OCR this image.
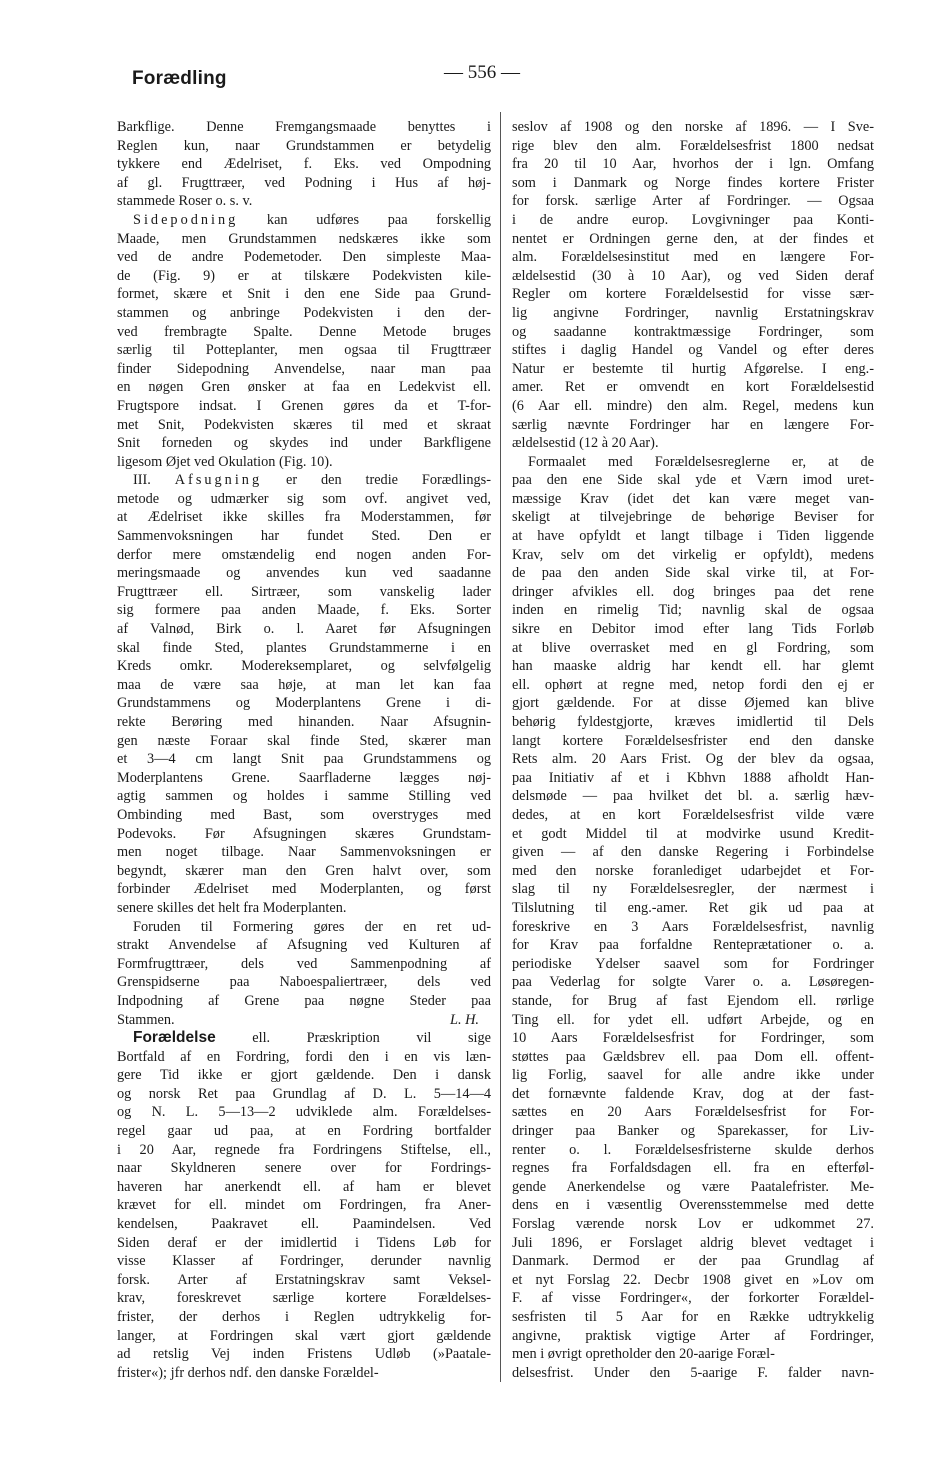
Forædling	— 556 —
Barkflige. Denne Fremgangsmaade benyttes i
Reglen kun, naar Grundstammen er betydelig
tykkere end Ædelriset, f. Eks. ved Ompodning
af gl. Frugttræer, ved Podning i Hus af høj-
stammede Roser o. s. v.
Sidepodning kan udføres paa forskellig
Maade, men Grundstammen nedskæres ikke som
ved de andre Podemetoder. Den simpleste Maa-
de (Fig. 9) er at tilskære Podekvisten kile-
formet, skære et Snit i den ene Side paa Grund-
stammen og anbringe Podekvisten i den der-
ved frembragte Spalte. Denne Metode bruges
særlig til Potteplanter, men ogsaa til Frugttræer
finder Sidepodning Anvendelse, naar man paa
en nøgen Gren ønsker at faa en Ledekvist ell.
Frugtspore indsat. I Grenen gøres da et T-for-
met Snit, Podekvisten skæres til med et skraat
Snit forneden og skydes ind under Barkfligene
ligesom Øjet ved Okulation (Fig. 10).
III. Afsugning er den tredie Forædlings-
metode og udmærker sig som ovf. angivet ved,
at Ædelriset ikke skilles fra Moderstammen, før
Sammenvoksningen har fundet Sted. Den er
derfor mere omstændelig end nogen anden For-
meringsmaade og anvendes kun ved saadanne
Frugttræer ell. Sirtræer, som vanskelig lader
sig formere paa anden Maade, f. Eks. Sorter
af Valnød, Birk o. l. Aaret før Afsugningen
skal finde Sted, plantes Grundstammerne i en
Kreds omkr. Modereksemplaret, og selvfølgelig
maa de være saa høje, at man let kan faa
Grundstammens og Moderplantens Grene i di-
rekte Berøring med hinanden. Naar Afsugnin-
gen næste Foraar skal finde Sted, skærer man
et 3—4 cm langt Snit paa Grundstammens og
Moderplantens Grene. Saarfladerne lægges nøj-
agtig sammen og holdes i samme Stilling ved
Ombinding med Bast, som overstryges med
Podevoks. Før Afsugningen skæres Grundstam-
men noget tilbage. Naar Sammenvoksningen er
begyndt, skærer man den Gren halvt over, som
forbinder Ædelriset med Moderplanten, og først
senere skilles det helt fra Moderplanten.
Foruden til Formering gøres der en ret ud-
strakt Anvendelse af Afsugning ved Kulturen af
Formfrugttræer, dels ved Sammenpodning af
Grenspidserne paa Naboespaliertræer, dels ved
Indpodning af Grene paa nøgne Steder paa
Stammen.	L. H.
Forældelse ell. Præskription vil sige
Bortfald af en Fordring, fordi den i en vis læn-
gere Tid ikke er gjort gældende. Den i dansk
og norsk Ret paa Grundlag af D. L. 5—14—4
og N. L. 5—13—2 udviklede alm. Forældelses-
regel gaar ud paa, at en Fordring bortfalder
i 20 Aar, regnede fra Fordringens Stiftelse, ell.,
naar Skyldneren senere over for Fordrings-
haveren har anerkendt ell. af ham er blevet
krævet for ell. mindet om Fordringen, fra Aner-
kendelsen, Paakravet ell. Paamindelsen. Ved
Siden deraf er der imidlertid i Tidens Løb for
visse Klasser af Fordringer, derunder navnlig
forsk. Arter af Erstatningskrav samt Veksel-
krav, foreskrevet særlige kortere Forældelses-
frister, der derhos i Reglen udtrykkelig for-
langer, at Fordringen skal vært gjort gældende
ad retslig Vej inden Fristens Udløb (»Paatale-
frister«); jfr derhos ndf. den danske Forældel-
seslov af 1908 og den norske af 1896. — I Sve-
rige blev den alm. Forældelsesfrist 1800 nedsat
fra 20 til 10 Aar, hvorhos der i lgn. Omfang
som i Danmark og Norge findes kortere Frister
for forsk. særlige Arter af Fordringer. — Ogsaa
i de andre europ. Lovgivninger paa Konti-
nentet er Ordningen gerne den, at der findes et
alm. Forældelsesinstitut med en længere For-
ældelsestid (30 à 10 Aar), og ved Siden deraf
Regler om kortere Forældelsestid for visse sær-
lig angivne Fordringer, navnlig Erstatningskrav
og saadanne kontraktmæssige Fordringer, som
stiftes i daglig Handel og Vandel og efter deres
Natur er bestemte til hurtig Afgørelse. I eng.-
amer. Ret er omvendt en kort Forældelsestid
(6 Aar ell. mindre) den alm. Regel, medens kun
særlig nævnte Fordringer har en længere For-
ældelsestid (12 à 20 Aar).
Formaalet med Forældelsesreglerne er, at de
paa den ene Side skal yde et Værn imod uret-
mæssige Krav (idet det kan være meget van-
skeligt at tilvejebringe de behørige Beviser for
at have opfyldt et langt tilbage i Tiden liggende
Krav, selv om det virkelig er opfyldt), medens
de paa den anden Side skal virke til, at For-
dringer afvikles ell. dog bringes paa det rene
inden en rimelig Tid; navnlig skal de ogsaa
sikre en Debitor imod efter lang Tids Forløb
at blive overrasket med en gl Fordring, som
han maaske aldrig har kendt ell. har glemt
ell. ophørt at regne med, netop fordi den ej er
gjort gældende. For at disse Øjemed kan blive
behørig fyldestgjorte, kræves imidlertid til Dels
langt kortere Forældelsesfrister end den danske
Rets alm. 20 Aars Frist. Og der blev da ogsaa,
paa Initiativ af et i Kbhvn 1888 afholdt Han-
delsmøde — paa hvilket det bl. a. særlig hæv-
dedes, at en kort Forældelsesfrist vilde være
et godt Middel til at modvirke usund Kredit-
given — af den danske Regering i Forbindelse
med den norske foranlediget udarbejdet et For-
slag til ny Forældelsesregler, der nærmest i
Tilslutning til eng.-amer. Ret gik ud paa at
foreskrive en 3 Aars Forældelsesfrist, navnlig
for Krav paa forfaldne Renteprætationer o. a.
periodiske Ydelser saavel som for Fordringer
paa Vederlag for solgte Varer o. a. Løsøregen-
stande, for Brug af fast Ejendom ell. rørlige
Ting ell. for ydet ell. udført Arbejde, og en
10 Aars Forældelsesfrist for Fordringer, som
støttes paa Gældsbrev ell. paa Dom ell. offent-
lig Forlig, saavel for alle andre ikke under
det fornævnte faldende Krav, dog at der fast-
sættes en 20 Aars Forældelsesfrist for For-
dringer paa Banker og Sparekasser, for Liv-
renter o. l. Forældelsesfristerne skulde derhos
regnes fra Forfaldsdagen ell. fra en efterføl-
gende Anerkendelse og være Paatalefrister. Me-
dens en i væsentlig Overensstemmelse med dette
Forslag værende norsk Lov er udkommet 27.
Juli 1896, er Forslaget aldrig blevet vedtaget i
Danmark. Dermod er der paa Grundlag af
et nyt Forslag 22. Decbr 1908 givet en »Lov om
F. af visse Fordringer«, der forkorter Forældel-
sesfristen til 5 Aar for en Række udtrykkelig
angivne, praktisk vigtige Arter af Fordringer,
men i øvrigt opretholder den 20-aarige Foræl-
delsesfrist. Under den 5-aarige F. falder navn-
